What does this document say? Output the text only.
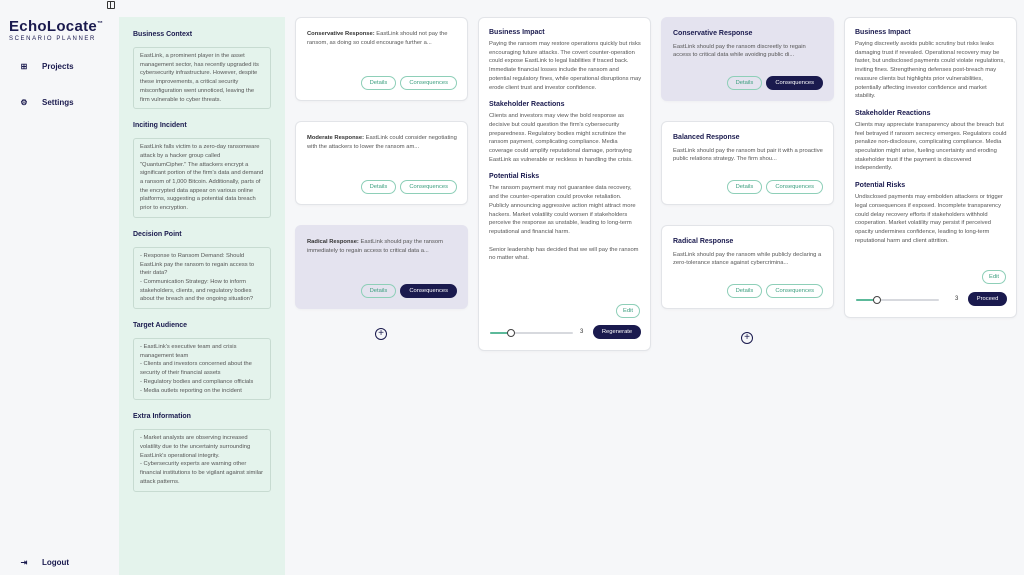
EchoLocate™
SCENARIO PLANNER
⊞ Projects
⚙ Settings
⇥ Logout
Business Context
EastLink, a prominent player in the asset management sector, has recently upgraded its cybersecurity infrastructure. However, despite these improvements, a critical security misconfiguration went unnoticed, leaving the firm vulnerable to cyber threats.
Inciting Incident
EastLink falls victim to a zero-day ransomware attack by a hacker group called "QuantumCipher." The attackers encrypt a significant portion of the firm's data and demand a ransom of 1,000 Bitcoin. Additionally, parts of the encrypted data appear on various online platforms, suggesting a potential data breach prior to encryption.
Decision Point
- Response to Ransom Demand: Should EastLink pay the ransom to regain access to their data?
- Communication Strategy: How to inform stakeholders, clients, and regulatory bodies about the breach and the ongoing situation?
Target Audience
- EastLink's executive team and crisis management team
- Clients and investors concerned about the security of their financial assets
- Regulatory bodies and compliance officials
- Media outlets reporting on the incident
Extra Information
- Market analysts are observing increased volatility due to the uncertainty surrounding EastLink's operational integrity.
- Cybersecurity experts are warning other financial institutions to be vigilant against similar attack patterns.
Conservative Response: EastLink should not pay the ransom, as doing so could encourage further a...
Details	Consequences
Moderate Response: EastLink could consider negotiating with the attackers to lower the ransom am...
Details	Consequences
Radical Response: EastLink should pay the ransom immediately to regain access to critical data a...
Details	Consequences
+
Business Impact
Paying the ransom may restore operations quickly but risks encouraging future attacks. The covert counter-operation could expose EastLink to legal liabilities if traced back. Immediate financial losses include the ransom and potential regulatory fines, while operational disruptions may erode client trust and investor confidence.
Stakeholder Reactions
Clients and investors may view the bold response as decisive but could question the firm's cybersecurity preparedness. Regulatory bodies might scrutinize the ransom payment, complicating compliance. Media coverage could amplify reputational damage, portraying EastLink as vulnerable or reckless in handling the crisis.
Potential Risks
The ransom payment may not guarantee data recovery, and the counter-operation could provoke retaliation. Publicly announcing aggressive action might attract more hackers. Market volatility could worsen if stakeholders perceive the response as unstable, leading to long-term reputational and financial harm.
Senior leadership has decided that we will pay the ransom no matter what.
Edit
3	Regenerate
Conservative Response
EastLink should pay the ransom discreetly to regain access to critical data while avoiding public di...
Details	Consequences
Balanced Response
EastLink should pay the ransom but pair it with a proactive public relations strategy. The firm shou...
Details	Consequences
Radical Response
EastLink should pay the ransom while publicly declaring a zero-tolerance stance against cybercrimina...
Details	Consequences
+
Business Impact
Paying discreetly avoids public scrutiny but risks leaks damaging trust if revealed. Operational recovery may be faster, but undisclosed payments could violate regulations, inviting fines. Strengthening defenses post-breach may reassure clients but highlights prior vulnerabilities, potentially affecting investor confidence and market stability.
Stakeholder Reactions
Clients may appreciate transparency about the breach but feel betrayed if ransom secrecy emerges. Regulators could penalize non-disclosure, complicating compliance. Media speculation might arise, fueling uncertainty and eroding stakeholder trust if the payment is discovered independently.
Potential Risks
Undisclosed payments may embolden attackers or trigger legal consequences if exposed. Incomplete transparency could delay recovery efforts if stakeholders withhold cooperation. Market volatility may persist if perceived opacity undermines confidence, leading to long-term reputational harm and client attrition.
Edit
3	Proceed
